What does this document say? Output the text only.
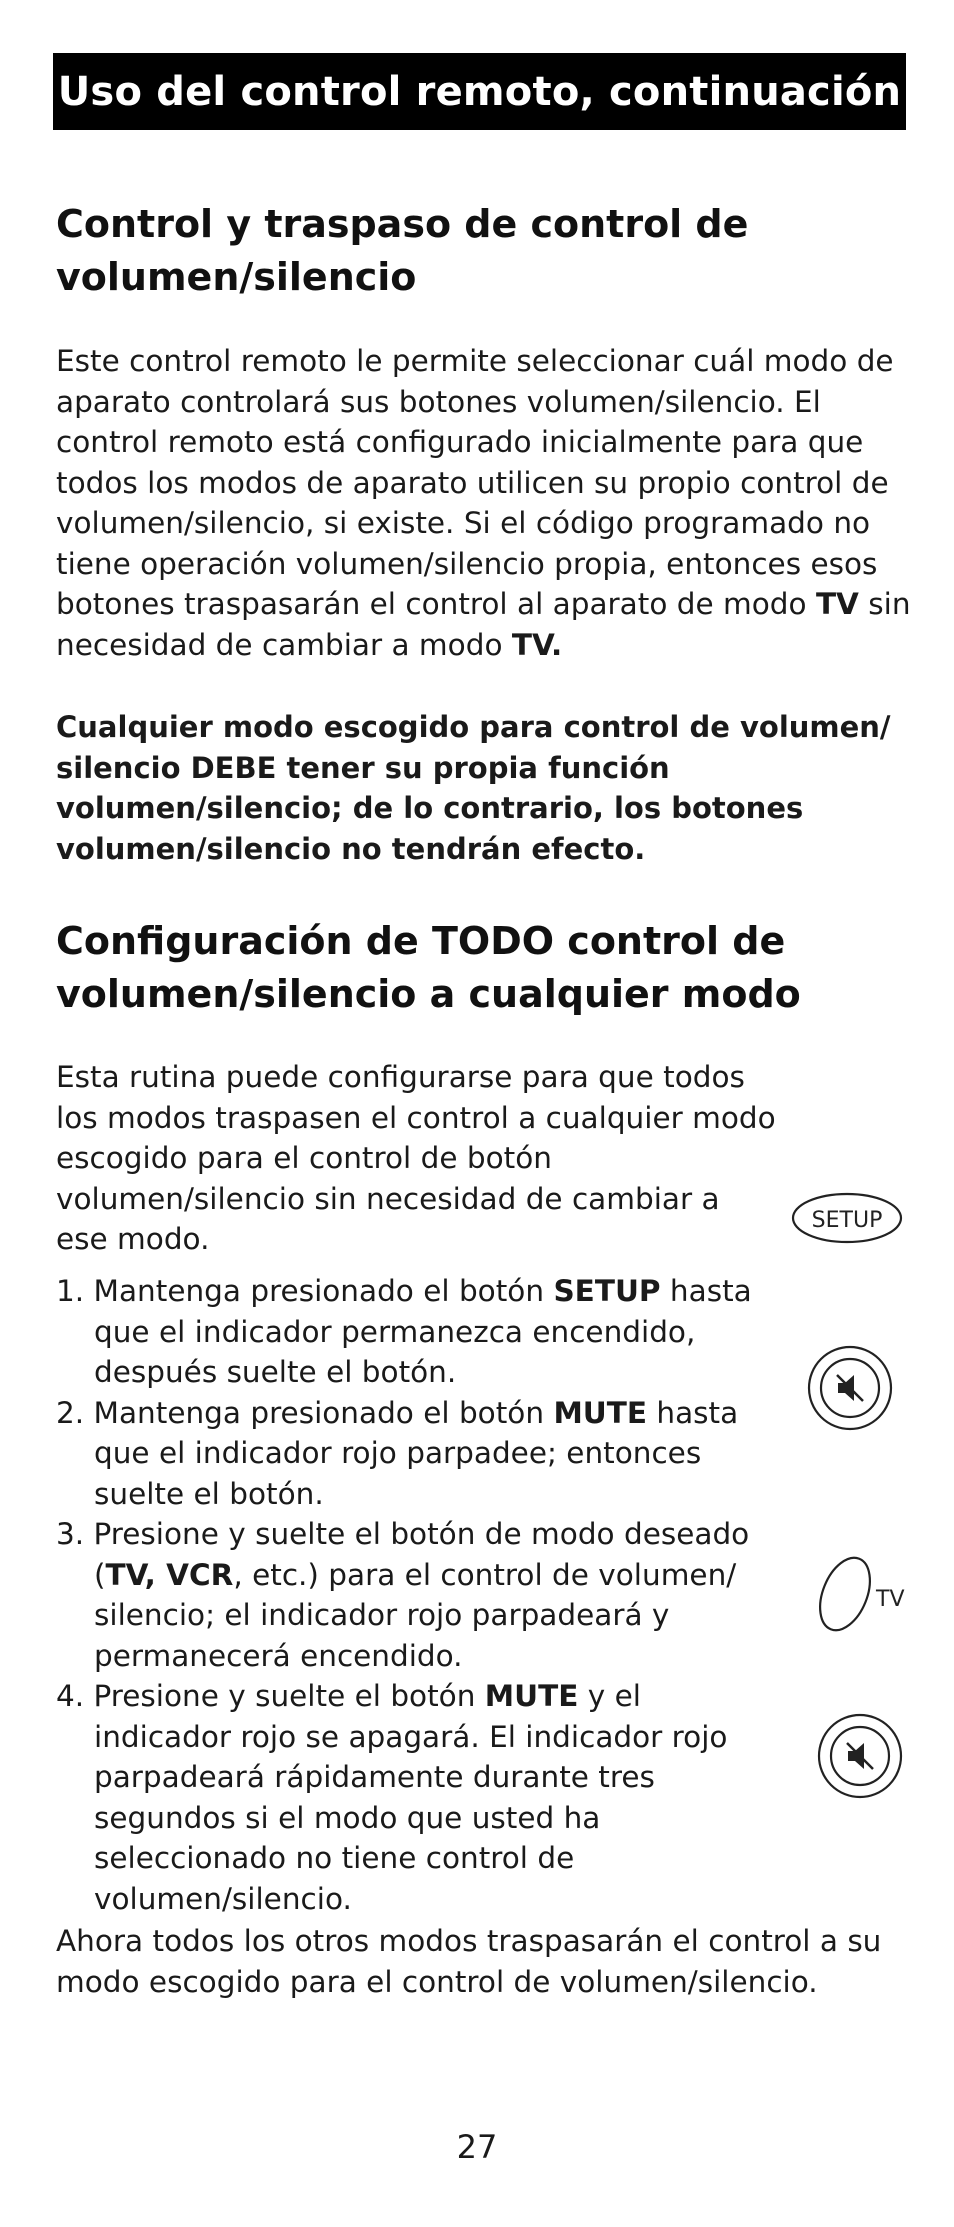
Uso del control remoto, continuación
Control y traspaso de control de volumen/silencio
Este control remoto le permite seleccionar cuál modo de aparato controlará sus botones volumen/silencio. El control remoto está configurado inicialmente para que todos los modos de aparato utilicen su propio control de volumen/silencio, si existe. Si el código programado no tiene operación volumen/silencio propia, entonces esos botones traspasarán el control al aparato de modo TV sin necesidad de cambiar a modo TV.
Cualquier modo escogido para control de volumen/ silencio DEBE tener su propia función volumen/silencio; de lo contrario, los botones volumen/silencio no tendrán efecto.
Configuración de TODO control de volumen/silencio a cualquier modo
Esta rutina puede configurarse para que todos los modos traspasen el control a cualquier modo escogido para el control de botón volumen/silencio sin necesidad de cambiar a ese modo.
1. Mantenga presionado el botón SETUP hasta que el indicador permanezca encendido, después suelte el botón.
2. Mantenga presionado el botón MUTE hasta que el indicador rojo parpadee; entonces suelte el botón.
3. Presione y suelte el botón de modo deseado (TV, VCR, etc.) para el control de volumen/ silencio; el indicador rojo parpadeará y permanecerá encendido.
4. Presione y suelte el botón MUTE y el indicador rojo se apagará. El indicador rojo parpadeará rápidamente durante tres segundos si el modo que usted ha seleccionado no tiene control de volumen/silencio.
Ahora todos los otros modos traspasarán el control a su modo escogido para el control de volumen/silencio.
SETUP
TV
27
